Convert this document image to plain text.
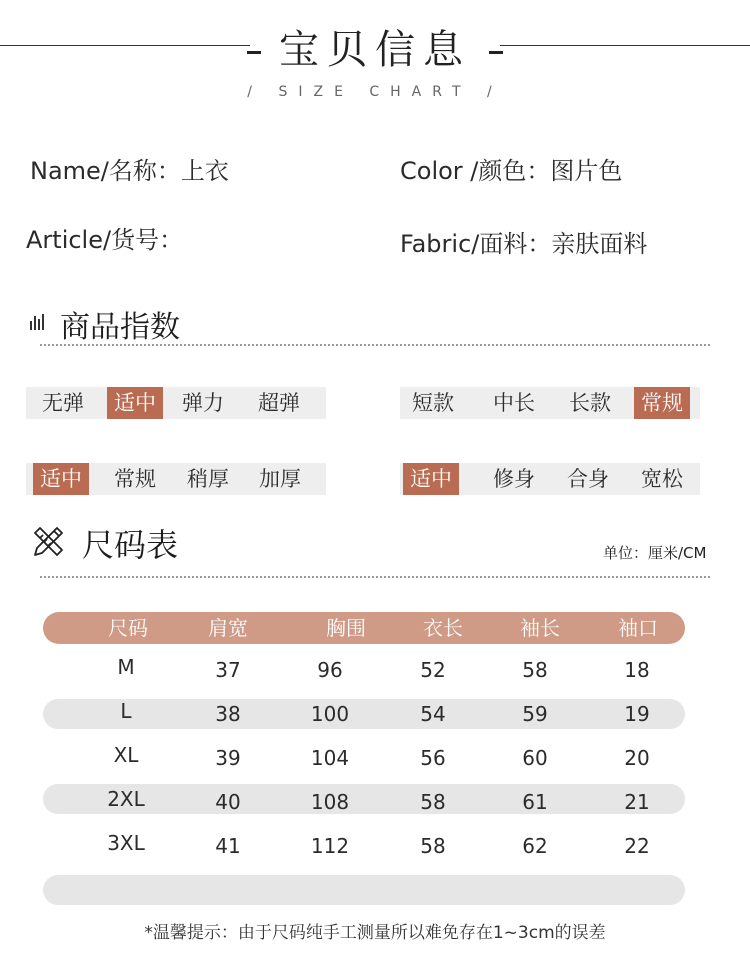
宝贝信息
/ SIZE CHART /
Name/名称：上衣	Color /颜色：图片色
Article/货号：	Fabric/面料：亲肤面料
商品指数
无弹	适中	弹力	超弹	短款	中长	长款	常规
适中	常规	稍厚	加厚	适中	修身	合身	宽松
尺码表	单位：厘米/CM
尺码	肩宽	胸围	衣长	袖长	袖口
M	37	96	52	58	18
L	38	100	54	59	19
XL	39	104	56	60	20
2XL	40	108	58	61	21
3XL	41	112	58	62	22
*温馨提示：由于尺码纯手工测量所以难免存在1~3cm的误差
